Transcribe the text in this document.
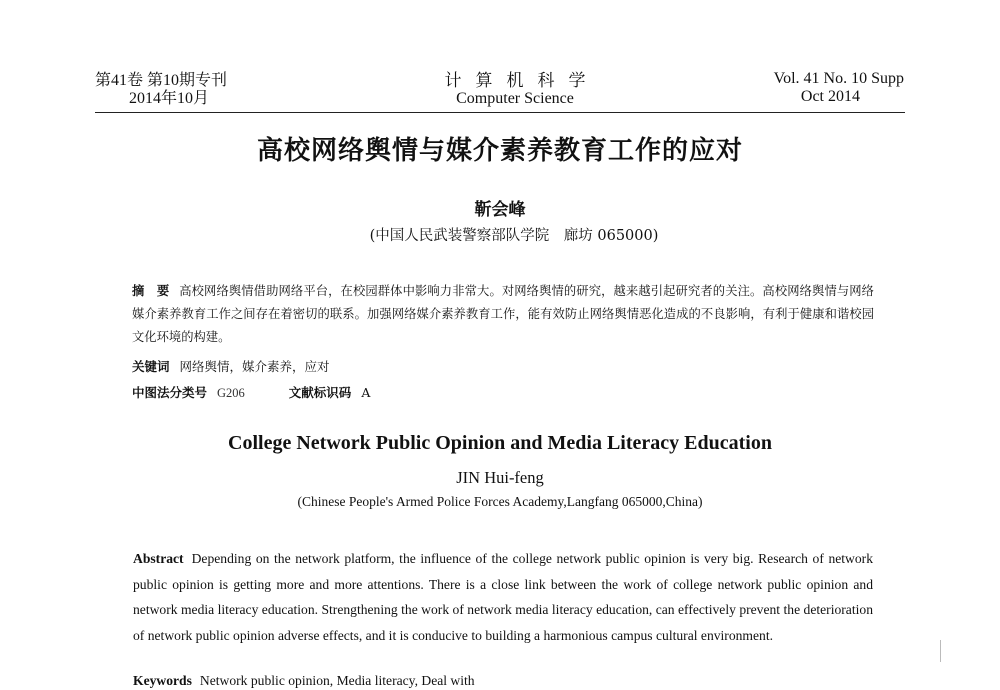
第41卷 第10期专刊
2014年10月
计算机科学
Computer Science
Vol. 41 No. 10 Supp
Oct 2014
高校网络舆情与媒介素养教育工作的应对
靳会峰
(中国人民武装警察部队学院　廊坊 065000)
摘　要 高校网络舆情借助网络平台，在校园群体中影响力非常大。对网络舆情的研究，越来越引起研究者的关注。高校网络舆情与网络媒介素养教育工作之间存在着密切的联系。加强网络媒介素养教育工作，能有效防止网络舆情恶化造成的不良影响，有利于健康和谐校园文化环境的构建。
关键词 网络舆情，媒介素养，应对
中图法分类号 G206	文献标识码 A
College Network Public Opinion and Media Literacy Education
JIN Hui-feng
(Chinese People's Armed Police Forces Academy,Langfang 065000,China)
Abstract Depending on the network platform, the influence of the college network public opinion is very big. Research of network public opinion is getting more and more attentions. There is a close link between the work of college network public opinion and network media literacy education. Strengthening the work of network media literacy education, can effectively prevent the deterioration of network public opinion adverse effects, and it is conducive to building a harmonious campus cultural environment.
Keywords Network public opinion, Media literacy, Deal with
